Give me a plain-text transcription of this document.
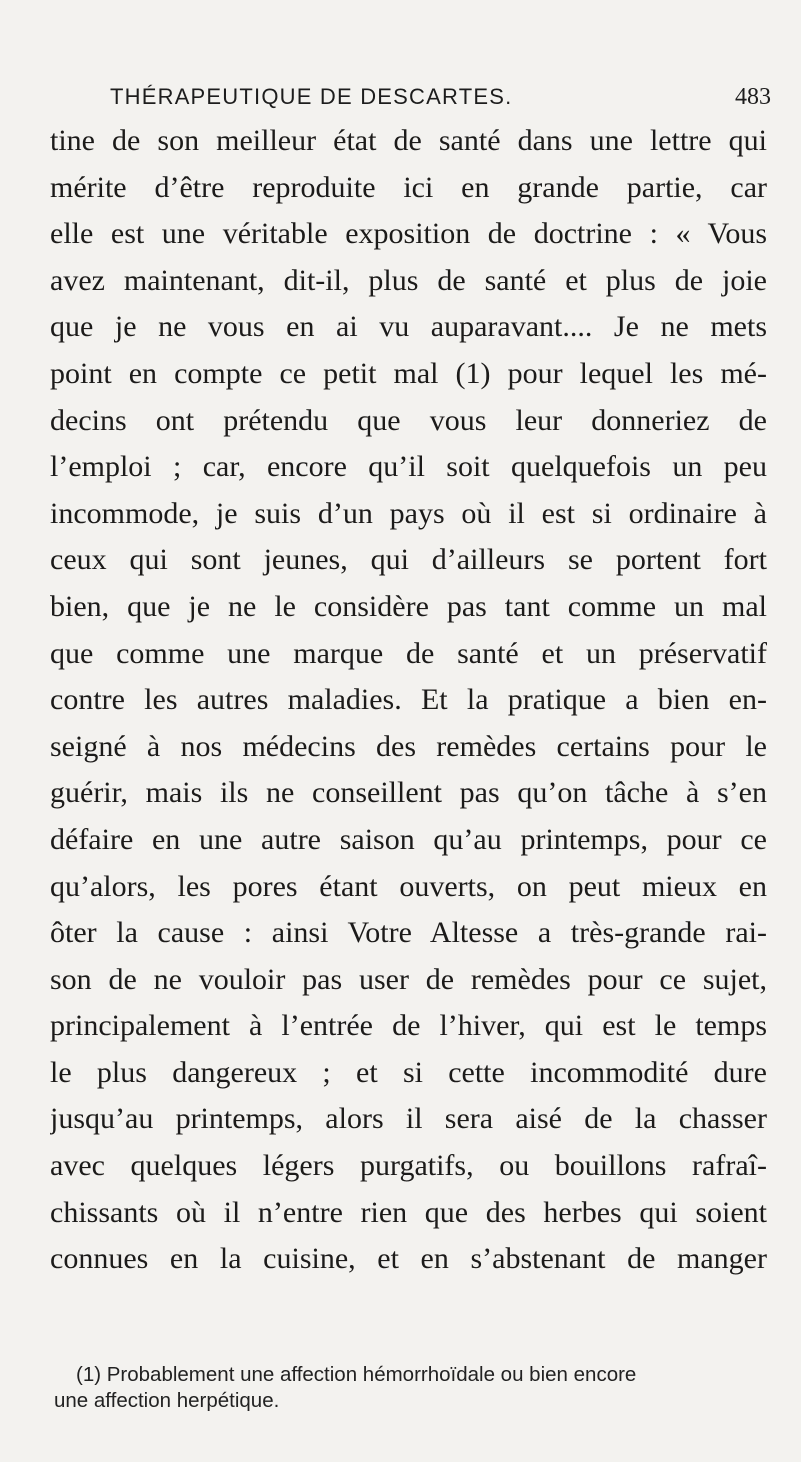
THÉRAPEUTIQUE DE DESCARTES.	483
tine de son meilleur état de santé dans une lettre qui
mérite d’être reproduite ici en grande partie, car
elle est une véritable exposition de doctrine : « Vous
avez maintenant, dit-il, plus de santé et plus de joie
que je ne vous en ai vu auparavant.... Je ne mets
point en compte ce petit mal (1) pour lequel les mé-
decins ont prétendu que vous leur donneriez de
l’emploi ; car, encore qu’il soit quelquefois un peu
incommode, je suis d’un pays où il est si ordinaire à
ceux qui sont jeunes, qui d’ailleurs se portent fort
bien, que je ne le considère pas tant comme un mal
que comme une marque de santé et un préservatif
contre les autres maladies. Et la pratique a bien en-
seigné à nos médecins des remèdes certains pour le
guérir, mais ils ne conseillent pas qu’on tâche à s’en
défaire en une autre saison qu’au printemps, pour ce
qu’alors, les pores étant ouverts, on peut mieux en
ôter la cause : ainsi Votre Altesse a très-grande rai-
son de ne vouloir pas user de remèdes pour ce sujet,
principalement à l’entrée de l’hiver, qui est le temps
le plus dangereux ; et si cette incommodité dure
jusqu’au printemps, alors il sera aisé de la chasser
avec quelques légers purgatifs, ou bouillons rafraî-
chissants où il n’entre rien que des herbes qui soient
connues en la cuisine, et en s’abstenant de manger
(1) Probablement une affection hémorrhoïdale ou bien encore
une affection herpétique.
